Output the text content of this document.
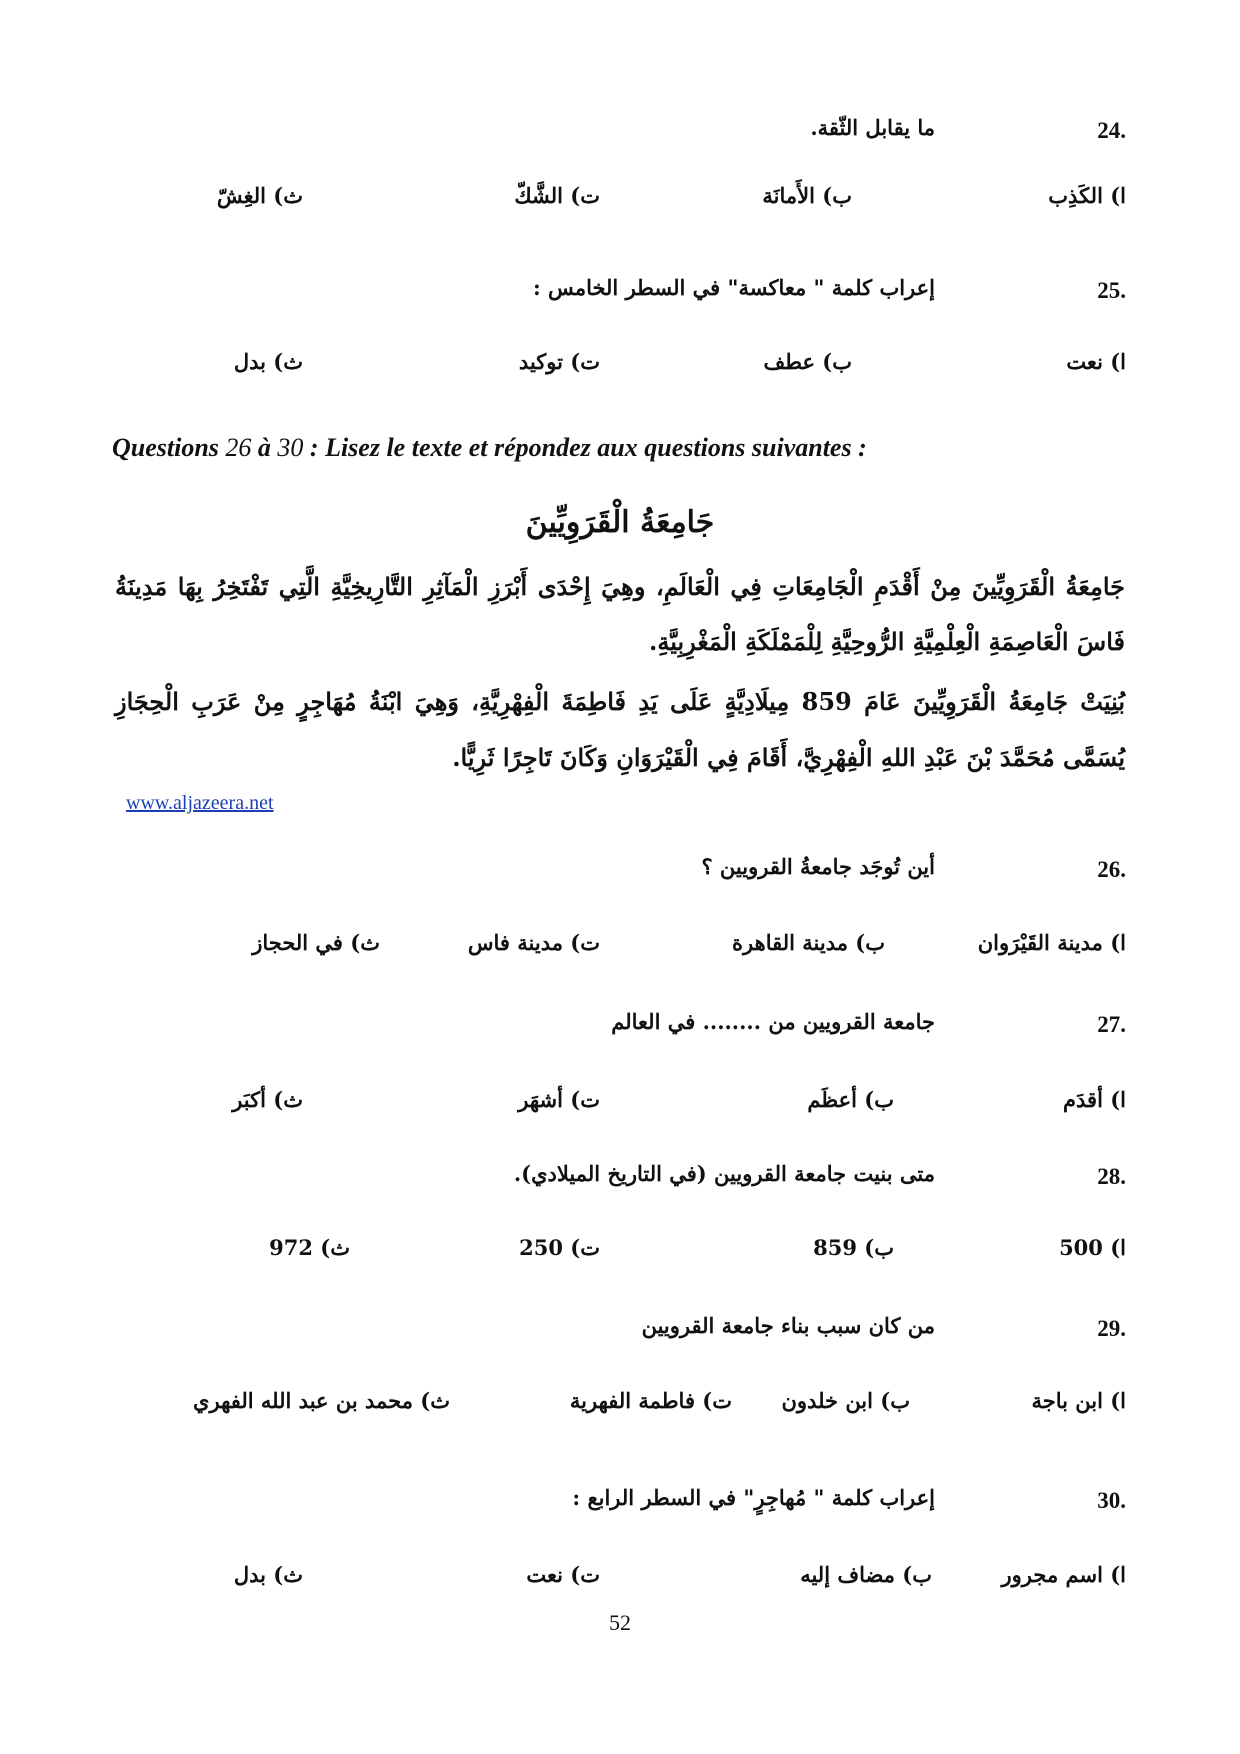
24.
ما يقابل الثّقة.
ا) الكَذِب
ب) الأَمانَة
ت) الشَّكّ
ث) الغِشّ
25.
إعراب كلمة " معاكسة" في السطر الخامس :
ا) نعت
ب) عطف
ت) توكيد
ث) بدل
Questions 26 à 30 : Lisez le texte et répondez aux questions suivantes :
جَامِعَةُ الْقَرَوِيِّينَ
جَامِعَةُ الْقَرَوِيِّينَ مِنْ أَقْدَمِ الْجَامِعَاتِ فِي الْعَالَمِ، وهِيَ إِحْدَى أَبْرَزِ الْمَآثِرِ التَّارِيخِيَّةِ الَّتِي تَفْتَخِرُ بِهَا مَدِينَةُ
فَاسَ الْعَاصِمَةِ الْعِلْمِيَّةِ الرُّوحِيَّةِ لِلْمَمْلَكَةِ الْمَغْرِبِيَّةِ.
بُنِيَتْ جَامِعَةُ الْقَرَوِيِّينَ عَامَ 859 مِيلَادِيَّةٍ عَلَى يَدِ فَاطِمَةَ الْفِهْرِيَّةِ، وَهِيَ ابْنَةُ مُهَاجِرٍ مِنْ عَرَبِ الْحِجَازِ
يُسَمَّى مُحَمَّدَ بْنَ عَبْدِ اللهِ الْفِهْرِيَّ، أَقَامَ فِي الْقَيْرَوَانِ وَكَانَ تَاجِرًا ثَرِيًّا.
www.aljazeera.net
26.
أين تُوجَد جامعةُ القرويين ؟
ا) مدينة القَيْرَوان
ب) مدينة القاهرة
ت) مدينة فاس
ث) في الحجاز
27.
جامعة القرويين من ........ في العالم
ا) أقدَم
ب) أعظَم
ت) أشهَر
ث) أكبَر
28.
متى بنيت جامعة القرويين (في التاريخ الميلادي).
ا) 500
ب) 859
ت) 250
ث) 972
29.
من كان سبب بناء جامعة القرويين
ا) ابن باجة
ب) ابن خلدون
ت) فاطمة الفهرية
ث) محمد بن عبد الله الفهري
30.
إعراب كلمة " مُهاجِرٍ" في السطر الرابع :
ا) اسم مجرور
ب) مضاف إليه
ت) نعت
ث) بدل
52
